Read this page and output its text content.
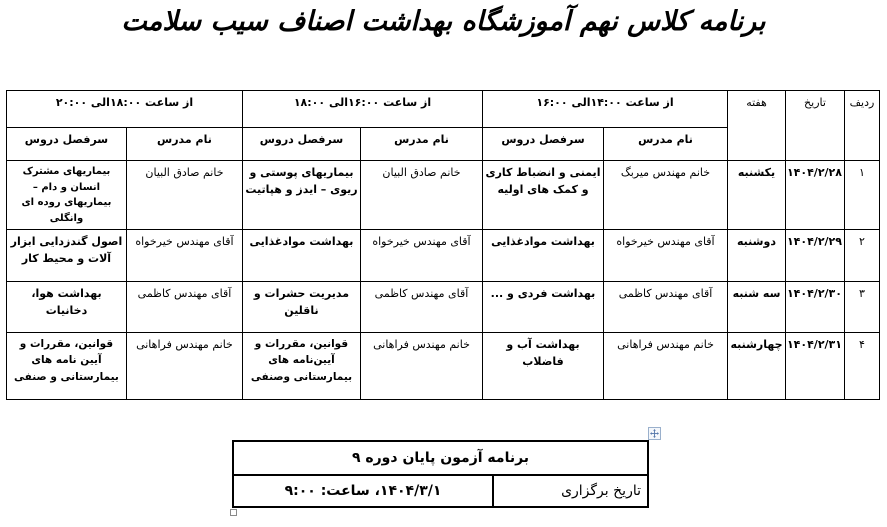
برنامه کلاس نهم آموزشگاه بهداشت اصناف سیب سلامت
ردیف	تاریخ	هفته	از ساعت ۱۴:۰۰الی ۱۶:۰۰		از ساعت ۱۶:۰۰الی ۱۸:۰۰		از ساعت ۱۸:۰۰الی ۲۰:۰۰	
			نام مدرس	سرفصل دروس	نام مدرس	سرفصل دروس	نام مدرس	سرفصل دروس
۱	۱۴۰۴/۲/۲۸	یکشنبه	خانم مهندس میربگ	ایمنی و انضباط کاری و کمک های اولیه	خانم صادق البیان	بیماریهای پوستی و ریوی – ایدز و هپاتیت	خانم صادق البیان	بیماریهای مشترک انسان و دام – بیماریهای روده ای وانگلی
۲	۱۴۰۴/۲/۲۹	دوشنبه	آقای مهندس خیرخواه	بهداشت موادغذایی	آقای مهندس خیرخواه	بهداشت موادغذایی	آقای مهندس خیرخواه	اصول گندزدایی ابزار آلات و محیط کار
۳	۱۴۰۴/۲/۳۰	سه شنبه	آقای مهندس کاظمی	بهداشت فردی و ...	آقای مهندس کاظمی	مدیریت حشرات و ناقلین	آقای مهندس کاظمی	بهداشت هوا، دخانیات
۴	۱۴۰۴/۲/۳۱	چهارشنبه	خانم مهندس فراهانی	بهداشت آب و فاضلاب	خانم مهندس فراهانی	قوانین، مقررات و آیین‌نامه های بیمارستانی وصنفی	خانم مهندس فراهانی	قوانین، مقررات و آیین نامه های بیمارستانی و صنفی
برنامه آزمون پایان دوره ۹
تاریخ برگزاری	۱۴۰۴/۳/۱، ساعت: ۹:۰۰
